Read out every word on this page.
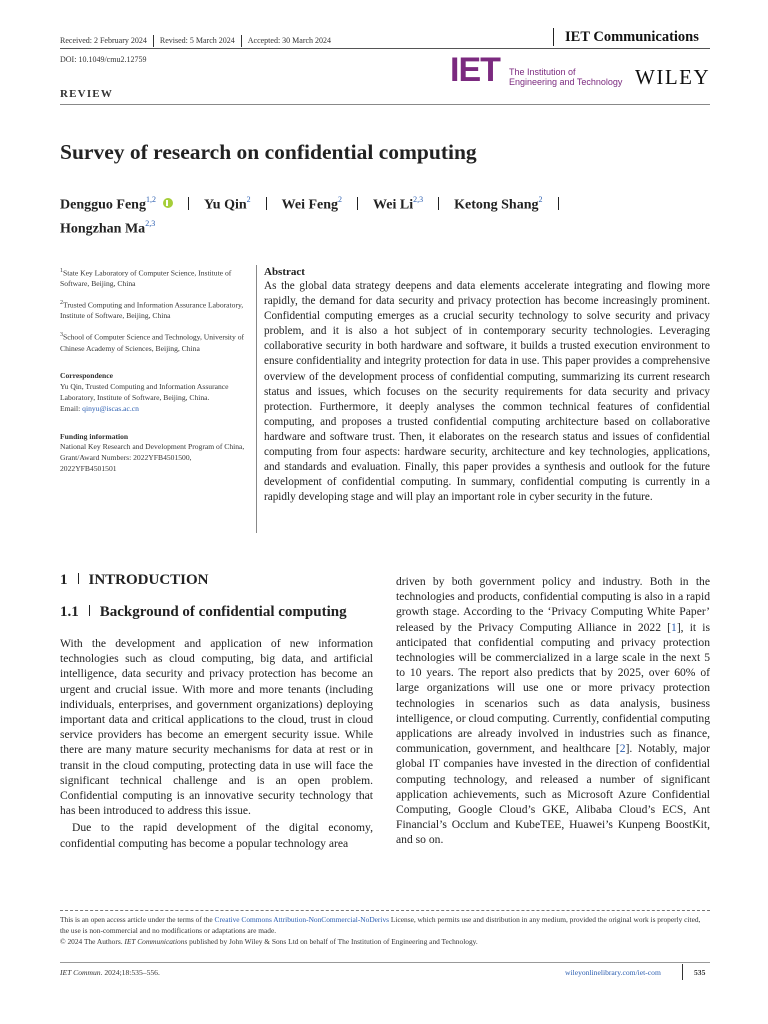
Received: 2 February 2024 Revised: 5 March 2024 Accepted: 30 March 2024	IET Communications
DOI: 10.1049/cmu2.12759	IET The Institution of
Engineering and Technology WILEY
REVIEW
Survey of research on confidential computing
Dengguo Feng$^{1,2}$	Yu Qin$^2$ Wei Feng$^2$ Wei Li$^{2,3}$ Ketong Shang$^2$
Hongzhan Ma$^{2,3}$

$^1$State Key Laboratory of Computer Science, Institute of Software, Beijing, China

$^2$Trusted Computing and Information Assurance Laboratory, Institute of Software, Beijing, China

$^3$School of Computer Science and Technology, University of Chinese Academy of Sciences, Beijing, China

Correspondence

Yu Qin, Trusted Computing and Information Assurance Laboratory, Institute of Software, Beijing, China.

Email: qinyu@iscas.ac.cn

Funding information

National Key Research and Development Program of China, Grant/Award Numbers: 2022YFB4501500, 2022YFB4501501

Abstract

As the global data strategy deepens and data elements accelerate integrating and flowing more rapidly, the demand for data security and privacy protection has become increasingly prominent. Confidential computing emerges as a crucial security technology to solve security and privacy problem, and it is also a hot subject of in contemporary security technologies. Leveraging collaborative security in both hardware and software, it builds a trusted execution environment to ensure confidentiality and integrity protection for data in use. This paper provides a comprehensive overview of the development process of confidential computing, summarizing its current research status and issues, which focuses on the security requirements for data security and privacy protection. Furthermore, it deeply analyses the common technical features of confidential computing, and proposes a trusted confidential computing architecture based on collaborative hardware and software trust. Then, it elaborates on the research status and issues of confidential computing from four aspects: hardware security, architecture and key technologies, applications, and standards and evaluation. Finally, this paper provides a synthesis and outlook for the future development of confidential computing. In summary, confidential computing is currently in a rapidly developing stage and will play an important role in cyber security in the future.

1 INTRODUCTION
1.1 Background of confidential computing

With the development and application of new information technologies such as cloud computing, big data, and artificial intelligence, data security and privacy protection has become an urgent and crucial issue. With more and more tenants (including individuals, enterprises, and government organizations) deploying important data and critical applications to the cloud, trust in cloud service providers has become an emergent security issue. While there are many mature security mechanisms for data at rest or in transit in the cloud computing, protecting data in use will face the significant technical challenge and is an open problem. Confidential computing is an innovative security technology that has been introduced to address this issue.

Due to the rapid development of the digital economy, confidential computing has become a popular technology area

driven by both government policy and industry. Both in the technologies and products, confidential computing is also in a rapid growth stage. According to the ‘Privacy Computing White Paper’ released by the Privacy Computing Alliance in 2022 [1], it is anticipated that confidential computing and privacy protection technologies will be commercialized in a large scale in the next 5 to 10 years. The report also predicts that by 2025, over 60% of large organizations will use one or more privacy protection technologies in scenarios such as data analysis, business intelligence, or cloud computing. Currently, confidential computing applications are already involved in industries such as finance, communication, government, and healthcare [2]. Notably, major global IT companies have invested in the direction of confidential computing technology, and released a number of significant application achievements, such as Microsoft Azure Confidential Computing, Google Cloud’s GKE, Alibaba Cloud’s ECS, Ant Financial’s Occlum and KubeTEE, Huawei’s Kunpeng BoostKit, and so on.

This is an open access article under the terms of the Creative Commons Attribution-NonCommercial-NoDerivs License, which permits use and distribution in any medium, provided the original work is properly cited, the use is non-commercial and no modifications or adaptations are made.

© 2024 The Authors. IET Communications published by John Wiley & Sons Ltd on behalf of The Institution of Engineering and Technology.

IET Commun. 2024;18:535–556.	wileyonlinelibrary.com/iet-com	535
